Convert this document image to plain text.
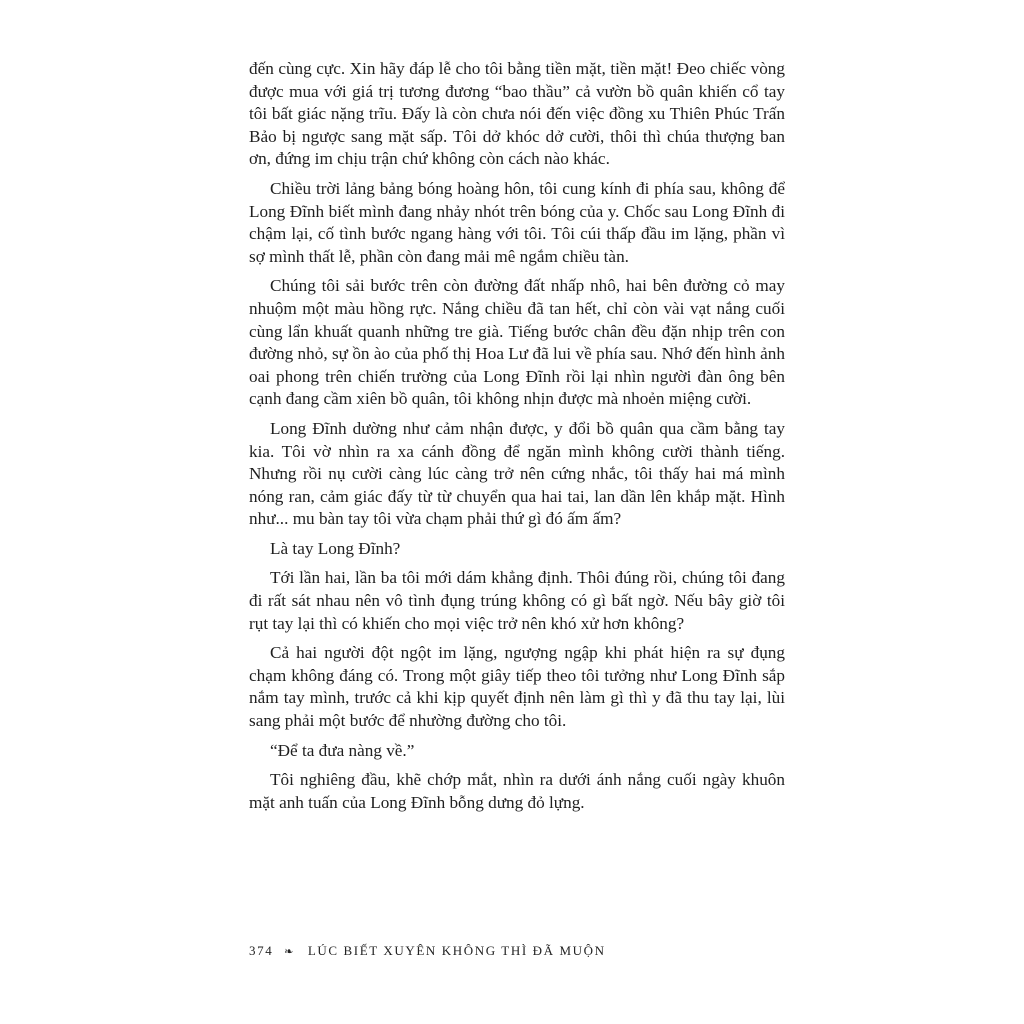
đến cùng cực. Xin hãy đáp lễ cho tôi bằng tiền mặt, tiền mặt! Đeo chiếc vòng được mua với giá trị tương đương “bao thầu” cả vườn bồ quân khiến cổ tay tôi bất giác nặng trĩu. Đấy là còn chưa nói đến việc đồng xu Thiên Phúc Trấn Bảo bị ngược sang mặt sấp. Tôi dở khóc dở cười, thôi thì chúa thượng ban ơn, đứng im chịu trận chứ không còn cách nào khác.

Chiều trời lảng bảng bóng hoàng hôn, tôi cung kính đi phía sau, không để Long Đĩnh biết mình đang nhảy nhót trên bóng của y. Chốc sau Long Đĩnh đi chậm lại, cố tình bước ngang hàng với tôi. Tôi cúi thấp đầu im lặng, phần vì sợ mình thất lễ, phần còn đang mải mê ngắm chiều tàn.

Chúng tôi sải bước trên còn đường đất nhấp nhô, hai bên đường cỏ may nhuộm một màu hồng rực. Nắng chiều đã tan hết, chỉ còn vài vạt nắng cuối cùng lẩn khuất quanh những tre già. Tiếng bước chân đều đặn nhịp trên con đường nhỏ, sự ồn ào của phố thị Hoa Lư đã lui về phía sau. Nhớ đến hình ảnh oai phong trên chiến trường của Long Đĩnh rồi lại nhìn người đàn ông bên cạnh đang cầm xiên bồ quân, tôi không nhịn được mà nhoẻn miệng cười.

Long Đĩnh dường như cảm nhận được, y đổi bồ quân qua cầm bằng tay kia. Tôi vờ nhìn ra xa cánh đồng để ngăn mình không cười thành tiếng. Nhưng rồi nụ cười càng lúc càng trở nên cứng nhắc, tôi thấy hai má mình nóng ran, cảm giác đấy từ từ chuyển qua hai tai, lan dần lên khắp mặt. Hình như... mu bàn tay tôi vừa chạm phải thứ gì đó ấm ấm?

Là tay Long Đĩnh?

Tới lần hai, lần ba tôi mới dám khẳng định. Thôi đúng rồi, chúng tôi đang đi rất sát nhau nên vô tình đụng trúng không có gì bất ngờ. Nếu bây giờ tôi rụt tay lại thì có khiến cho mọi việc trở nên khó xử hơn không?

Cả hai người đột ngột im lặng, ngượng ngập khi phát hiện ra sự đụng chạm không đáng có. Trong một giây tiếp theo tôi tưởng như Long Đĩnh sắp nắm tay mình, trước cả khi kịp quyết định nên làm gì thì y đã thu tay lại, lùi sang phải một bước để nhường đường cho tôi.

“Để ta đưa nàng về.”

Tôi nghiêng đầu, khẽ chớp mắt, nhìn ra dưới ánh nắng cuối ngày khuôn mặt anh tuấn của Long Đĩnh bỗng dưng đỏ lựng.

374 ❧ LÚC BIẾT XUYÊN KHÔNG THÌ ĐÃ MUỘN
